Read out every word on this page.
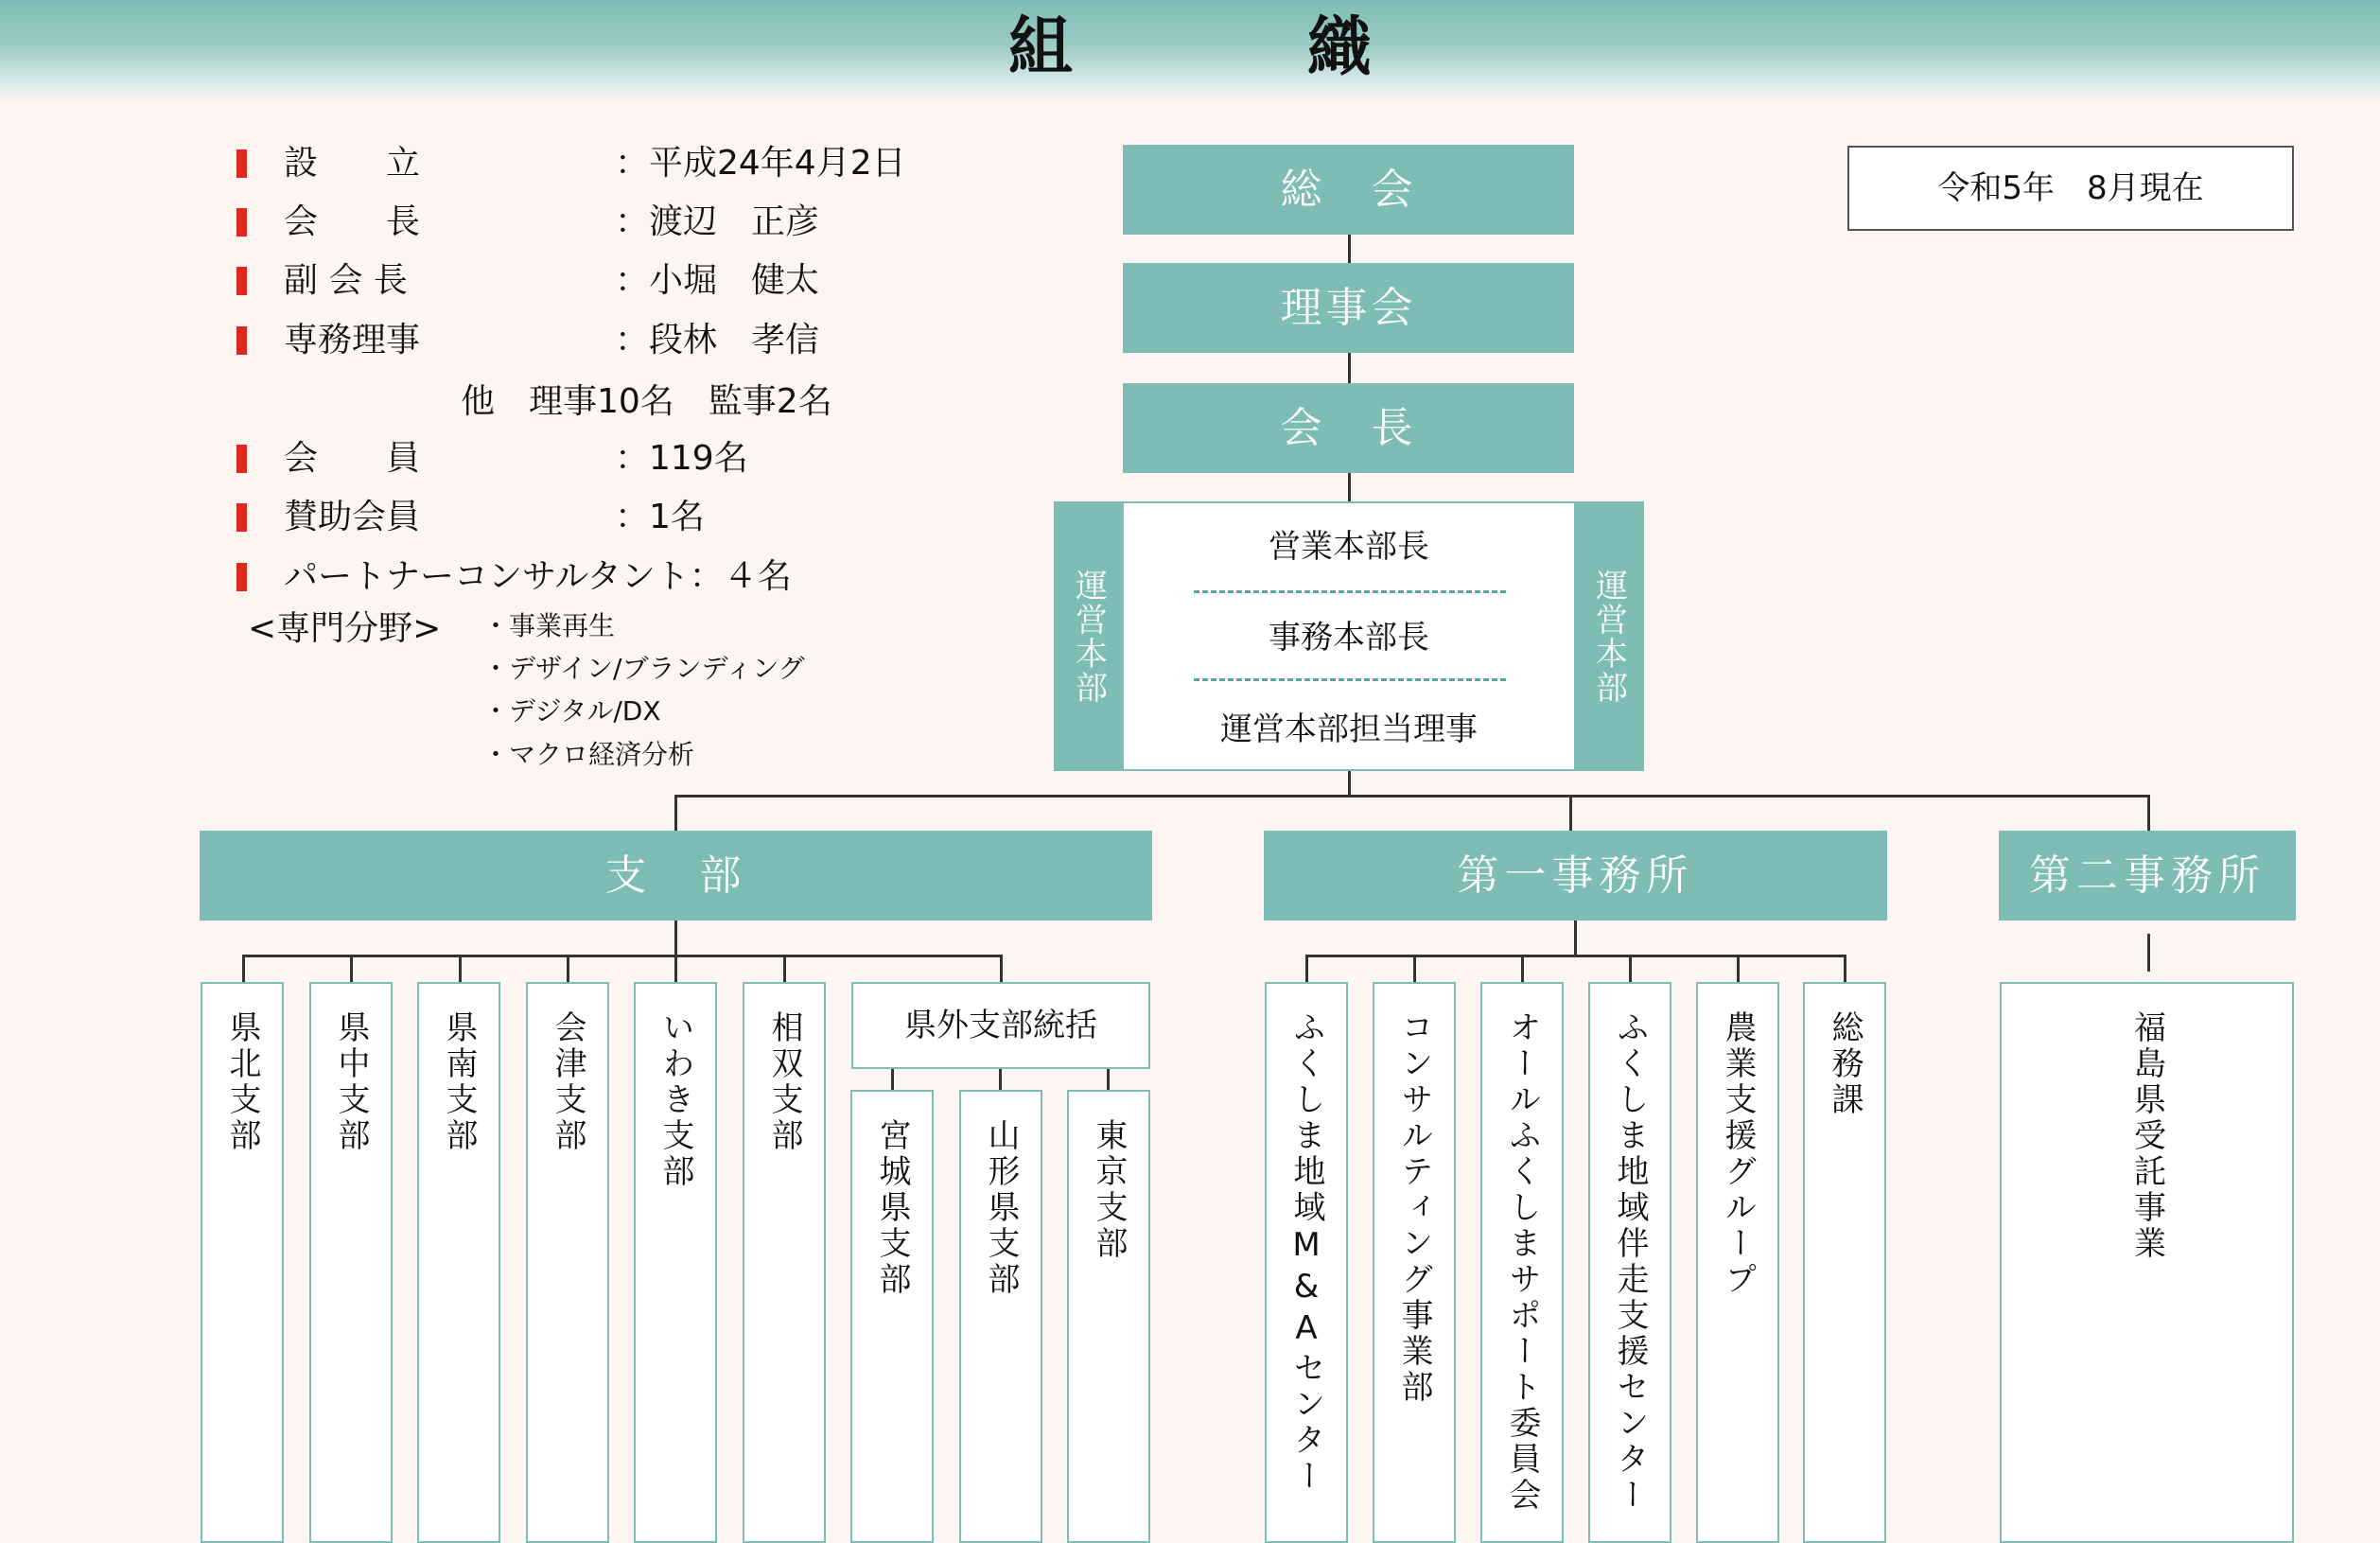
組　織
設　　立	：平成24年4月2日
会　　長	：渡辺　正彦
副 会 長	：小堀　健太
専務理事	：段林　孝信
他　理事10名　監事2名
会　　員	：119名
賛助会員	：1名
パートナーコンサルタント：４名
<専門分野> ・事業再生
・デザイン/ブランディング
・デジタル/DX
・マクロ経済分析
令和5年　8月現在
総　会
理事会
会　長
運営本部	運営本部
営業本部長
事務本部長
運営本部担当理事
支　部	第一事務所	第二事務所
県北支部 県中支部 県南支部 会津支部 いわき支部 相双支部	県外支部統括
宮城県支部 山形県支部 東京支部	ふくしま地域M&Aセンター コンサルティング事業部 オールふくしまサポート委員会 ふくしま地域伴走支援センター 農業支援グループ 総務課	福島県受託事業
